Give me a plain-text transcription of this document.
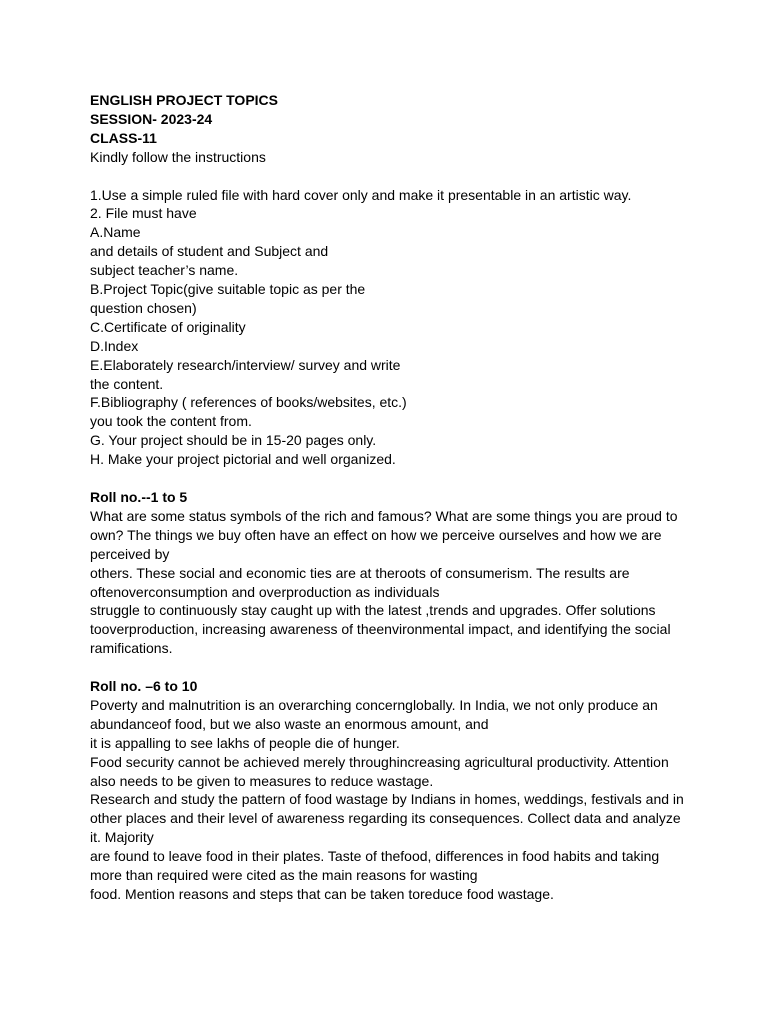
ENGLISH PROJECT TOPICS

SESSION- 2023-24

CLASS-11

Kindly follow the instructions

1.Use a simple ruled file with hard cover only and make it presentable in an artistic way.

2. File must have

A.Name

and details of student and Subject and

subject teacher’s name.

B.Project Topic(give suitable topic as per the

question chosen)

C.Certificate of originality

D.Index

E.Elaborately research/interview/ survey and write

the content.

F.Bibliography ( references of books/websites, etc.)

you took the content from.

G. Your project should be in 15-20 pages only.

H. Make your project pictorial and well organized.

Roll no.--1 to 5

What are some status symbols of the rich and famous? What are some things you are proud to

own? The things we buy often have an effect on how we perceive ourselves and how we are

perceived by

others. These social and economic ties are at theroots of consumerism. The results are

oftenoverconsumption and overproduction as individuals

struggle to continuously stay caught up with the latest ,trends and upgrades. Offer solutions

tooverproduction, increasing awareness of theenvironmental impact, and identifying the social

ramifications.

Roll no. –6 to 10

Poverty and malnutrition is an overarching concernglobally. In India, we not only produce an

abundanceof food, but we also waste an enormous amount, and

it is appalling to see lakhs of people die of hunger.

Food security cannot be achieved merely throughincreasing agricultural productivity. Attention

also needs to be given to measures to reduce wastage.

Research and study the pattern of food wastage by Indians in homes, weddings, festivals and in

other places and their level of awareness regarding its consequences. Collect data and analyze

it. Majority

are found to leave food in their plates. Taste of thefood, differences in food habits and taking

more than required were cited as the main reasons for wasting

food. Mention reasons and steps that can be taken toreduce food wastage.
